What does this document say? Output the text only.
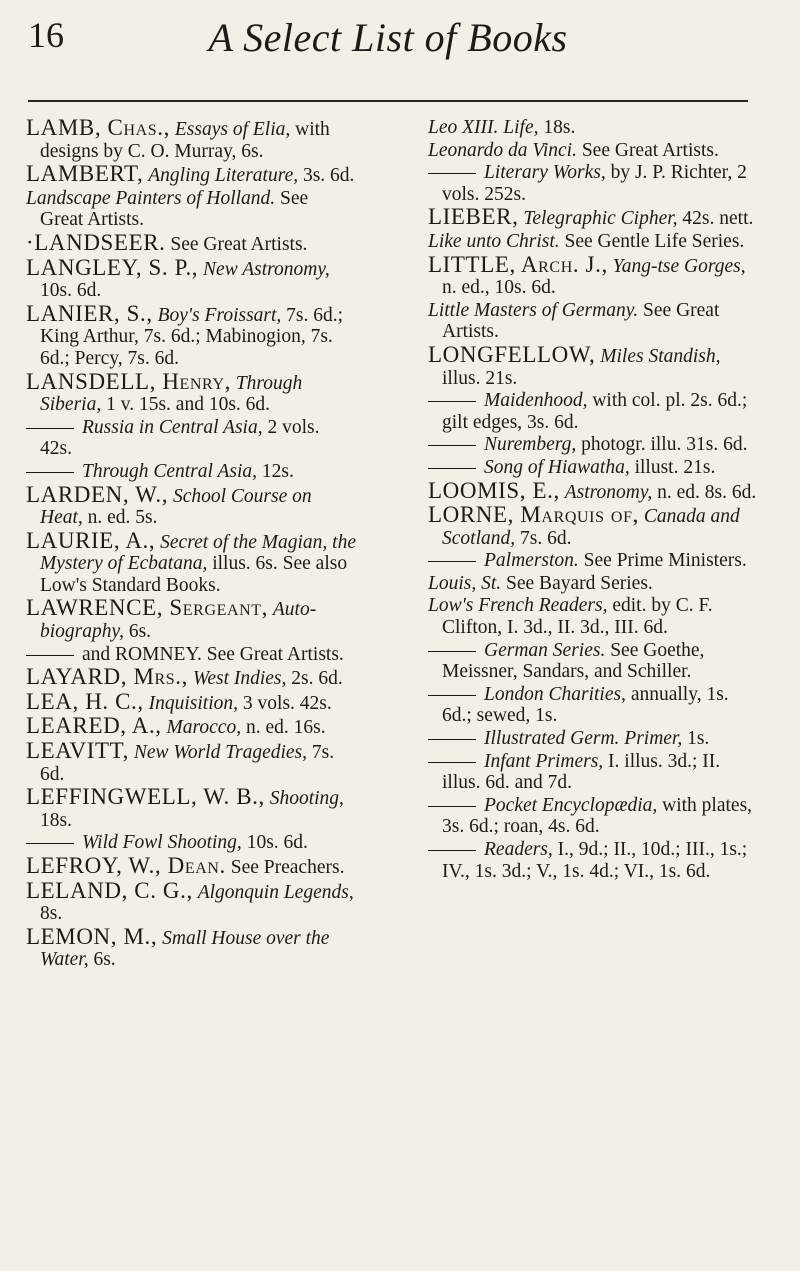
A Select List of Books
16

LAMB, Chas., Essays of Elia, with designs by C. O. Murray, 6s.

LAMBERT, Angling Literature, 3s. 6d.

Landscape Painters of Holland. See Great Artists.

·LANDSEER. See Great Artists.

LANGLEY, S. P., New Astronomy, 10s. 6d.

LANIER, S., Boy's Froissart, 7s. 6d.; King Arthur, 7s. 6d.; Mabinogion, 7s. 6d.; Percy, 7s. 6d.

LANSDELL, Henry, Through Siberia, 1 v. 15s. and 10s. 6d.

Russia in Central Asia, 2 vols. 42s.

Through Central Asia, 12s.

LARDEN, W., School Course on Heat, n. ed. 5s.

LAURIE, A., Secret of the Magian, the Mystery of Ecbatana, illus. 6s. See also Low's Standard Books.

LAWRENCE, Sergeant, Autobiography, 6s.

and ROMNEY. See Great Artists.

LAYARD, Mrs., West Indies, 2s. 6d.

LEA, H. C., Inquisition, 3 vols. 42s.

LEARED, A., Marocco, n. ed. 16s.

LEAVITT, New World Tragedies, 7s. 6d.

LEFFINGWELL, W. B., Shooting, 18s.

Wild Fowl Shooting, 10s. 6d.

LEFROY, W., Dean. See Preachers.

LELAND, C. G., Algonquin Legends, 8s.

LEMON, M., Small House over the Water, 6s.

Leo XIII. Life, 18s.

Leonardo da Vinci. See Great Artists.

Literary Works, by J. P. Richter, 2 vols. 252s.

LIEBER, Telegraphic Cipher, 42s. nett.

Like unto Christ. See Gentle Life Series.

LITTLE, Arch. J., Yang-tse Gorges, n. ed., 10s. 6d.

Little Masters of Germany. See Great Artists.

LONGFELLOW, Miles Standish, illus. 21s.

Maidenhood, with col. pl. 2s. 6d.; gilt edges, 3s. 6d.

Nuremberg, photogr. illu. 31s. 6d.

Song of Hiawatha, illust. 21s.

LOOMIS, E., Astronomy, n. ed. 8s. 6d.

LORNE, Marquis of, Canada and Scotland, 7s. 6d.

Palmerston. See Prime Ministers.

Louis, St. See Bayard Series.

Low's French Readers, edit. by C. F. Clifton, I. 3d., II. 3d., III. 6d.

German Series. See Goethe, Meissner, Sandars, and Schiller.

London Charities, annually, 1s. 6d.; sewed, 1s.

Illustrated Germ. Primer, 1s.

Infant Primers, I. illus. 3d.; II. illus. 6d. and 7d.

Pocket Encyclopædia, with plates, 3s. 6d.; roan, 4s. 6d.

Readers, I., 9d.; II., 10d.; III., 1s.; IV., 1s. 3d.; V., 1s. 4d.; VI., 1s. 6d.
